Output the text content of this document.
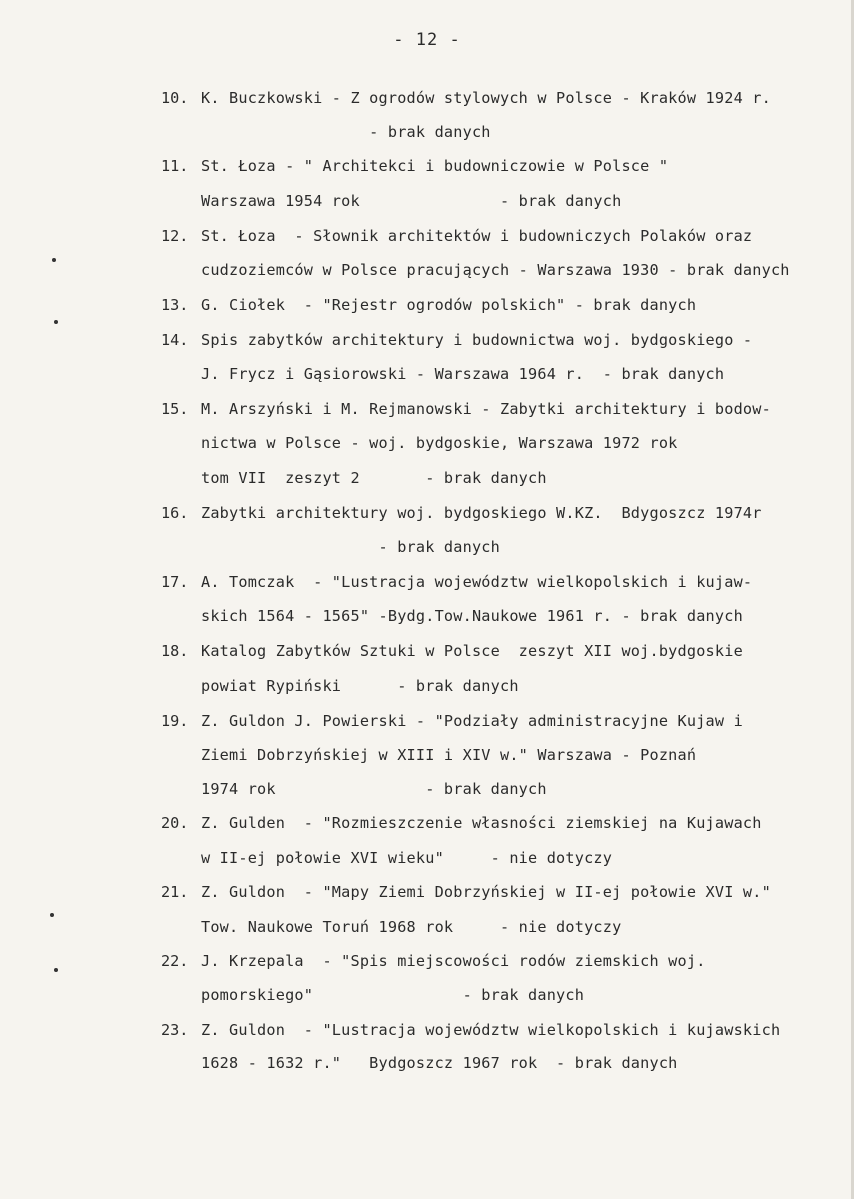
- 12 -
10. K. Buczkowski - Z ogrodów stylowych w Polsce - Kraków 1924 r.
- brak danych
11. St. Łoza - " Architekci i budowniczowie w Polsce "
Warszawa 1954 rok               - brak danych
12. St. Łoza  - Słownik architektów i budowniczych Polaków oraz
cudzoziemców w Polsce pracujących - Warszawa 1930 - brak danych
13. G. Ciołek  - "Rejestr ogrodów polskich" - brak danych
14. Spis zabytków architektury i budownictwa woj. bydgoskiego -
J. Frycz i Gąsiorowski - Warszawa 1964 r.  - brak danych
15. M. Arszyński i M. Rejmanowski - Zabytki architektury i bodow-
nictwa w Polsce - woj. bydgoskie, Warszawa 1972 rok
tom VII  zeszyt 2       - brak danych
16. Zabytki architektury woj. bydgoskiego W.KZ.  Bdygoszcz 1974r
- brak danych
17. A. Tomczak  - "Lustracja województw wielkopolskich i kujaw-
skich 1564 - 1565" -Bydg.Tow.Naukowe 1961 r. - brak danych
18. Katalog Zabytków Sztuki w Polsce  zeszyt XII woj.bydgoskie
powiat Rypiński      - brak danych
19. Z. Guldon J. Powierski - "Podziały administracyjne Kujaw i
Ziemi Dobrzyńskiej w XIII i XIV w." Warszawa - Poznań
1974 rok                - brak danych
20. Z. Gulden  - "Rozmieszczenie własności ziemskiej na Kujawach
w II-ej połowie XVI wieku"     - nie dotyczy
21. Z. Guldon  - "Mapy Ziemi Dobrzyńskiej w II-ej połowie XVI w."
Tow. Naukowe Toruń 1968 rok     - nie dotyczy
22. J. Krzepala  - "Spis miejscowości rodów ziemskich woj.
pomorskiego"                - brak danych
23. Z. Guldon  - "Lustracja województw wielkopolskich i kujawskich
1628 - 1632 r."   Bydgoszcz 1967 rok  - brak danych
